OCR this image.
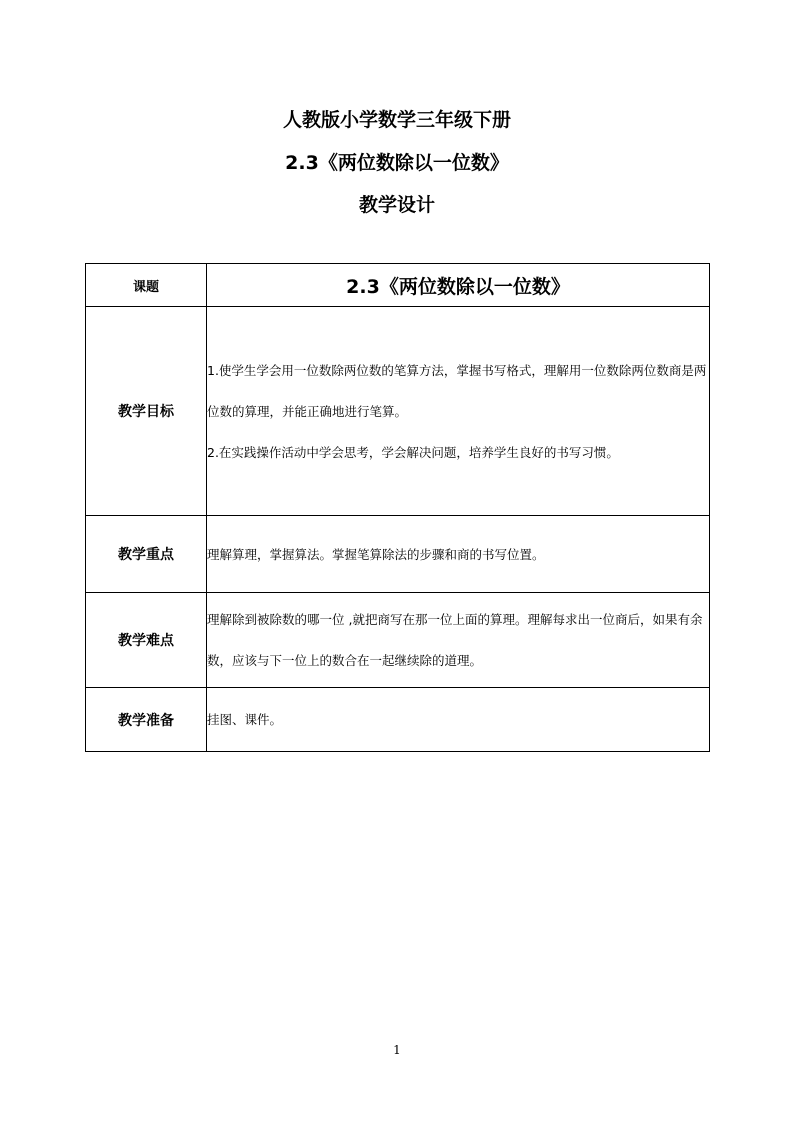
人教版小学数学三年级下册
2.3《两位数除以一位数》
教学设计
课题	2.3《两位数除以一位数》
教学目标	1.使学生学会用一位数除两位数的笔算方法，掌握书写格式，理解用一位数除两位数商是两位数的算理，并能正确地进行笔算。

2.在实践操作活动中学会思考，学会解决问题，培养学生良好的书写习惯。

教学重点	理解算理，掌握算法。掌握笔算除法的步骤和商的书写位置。

教学难点	理解除到被除数的哪一位 ,就把商写在那一位上面的算理。理解每求出一位商后，如果有余数，应该与下一位上的数合在一起继续除的道理。

教学准备	挂图、课件。

1
